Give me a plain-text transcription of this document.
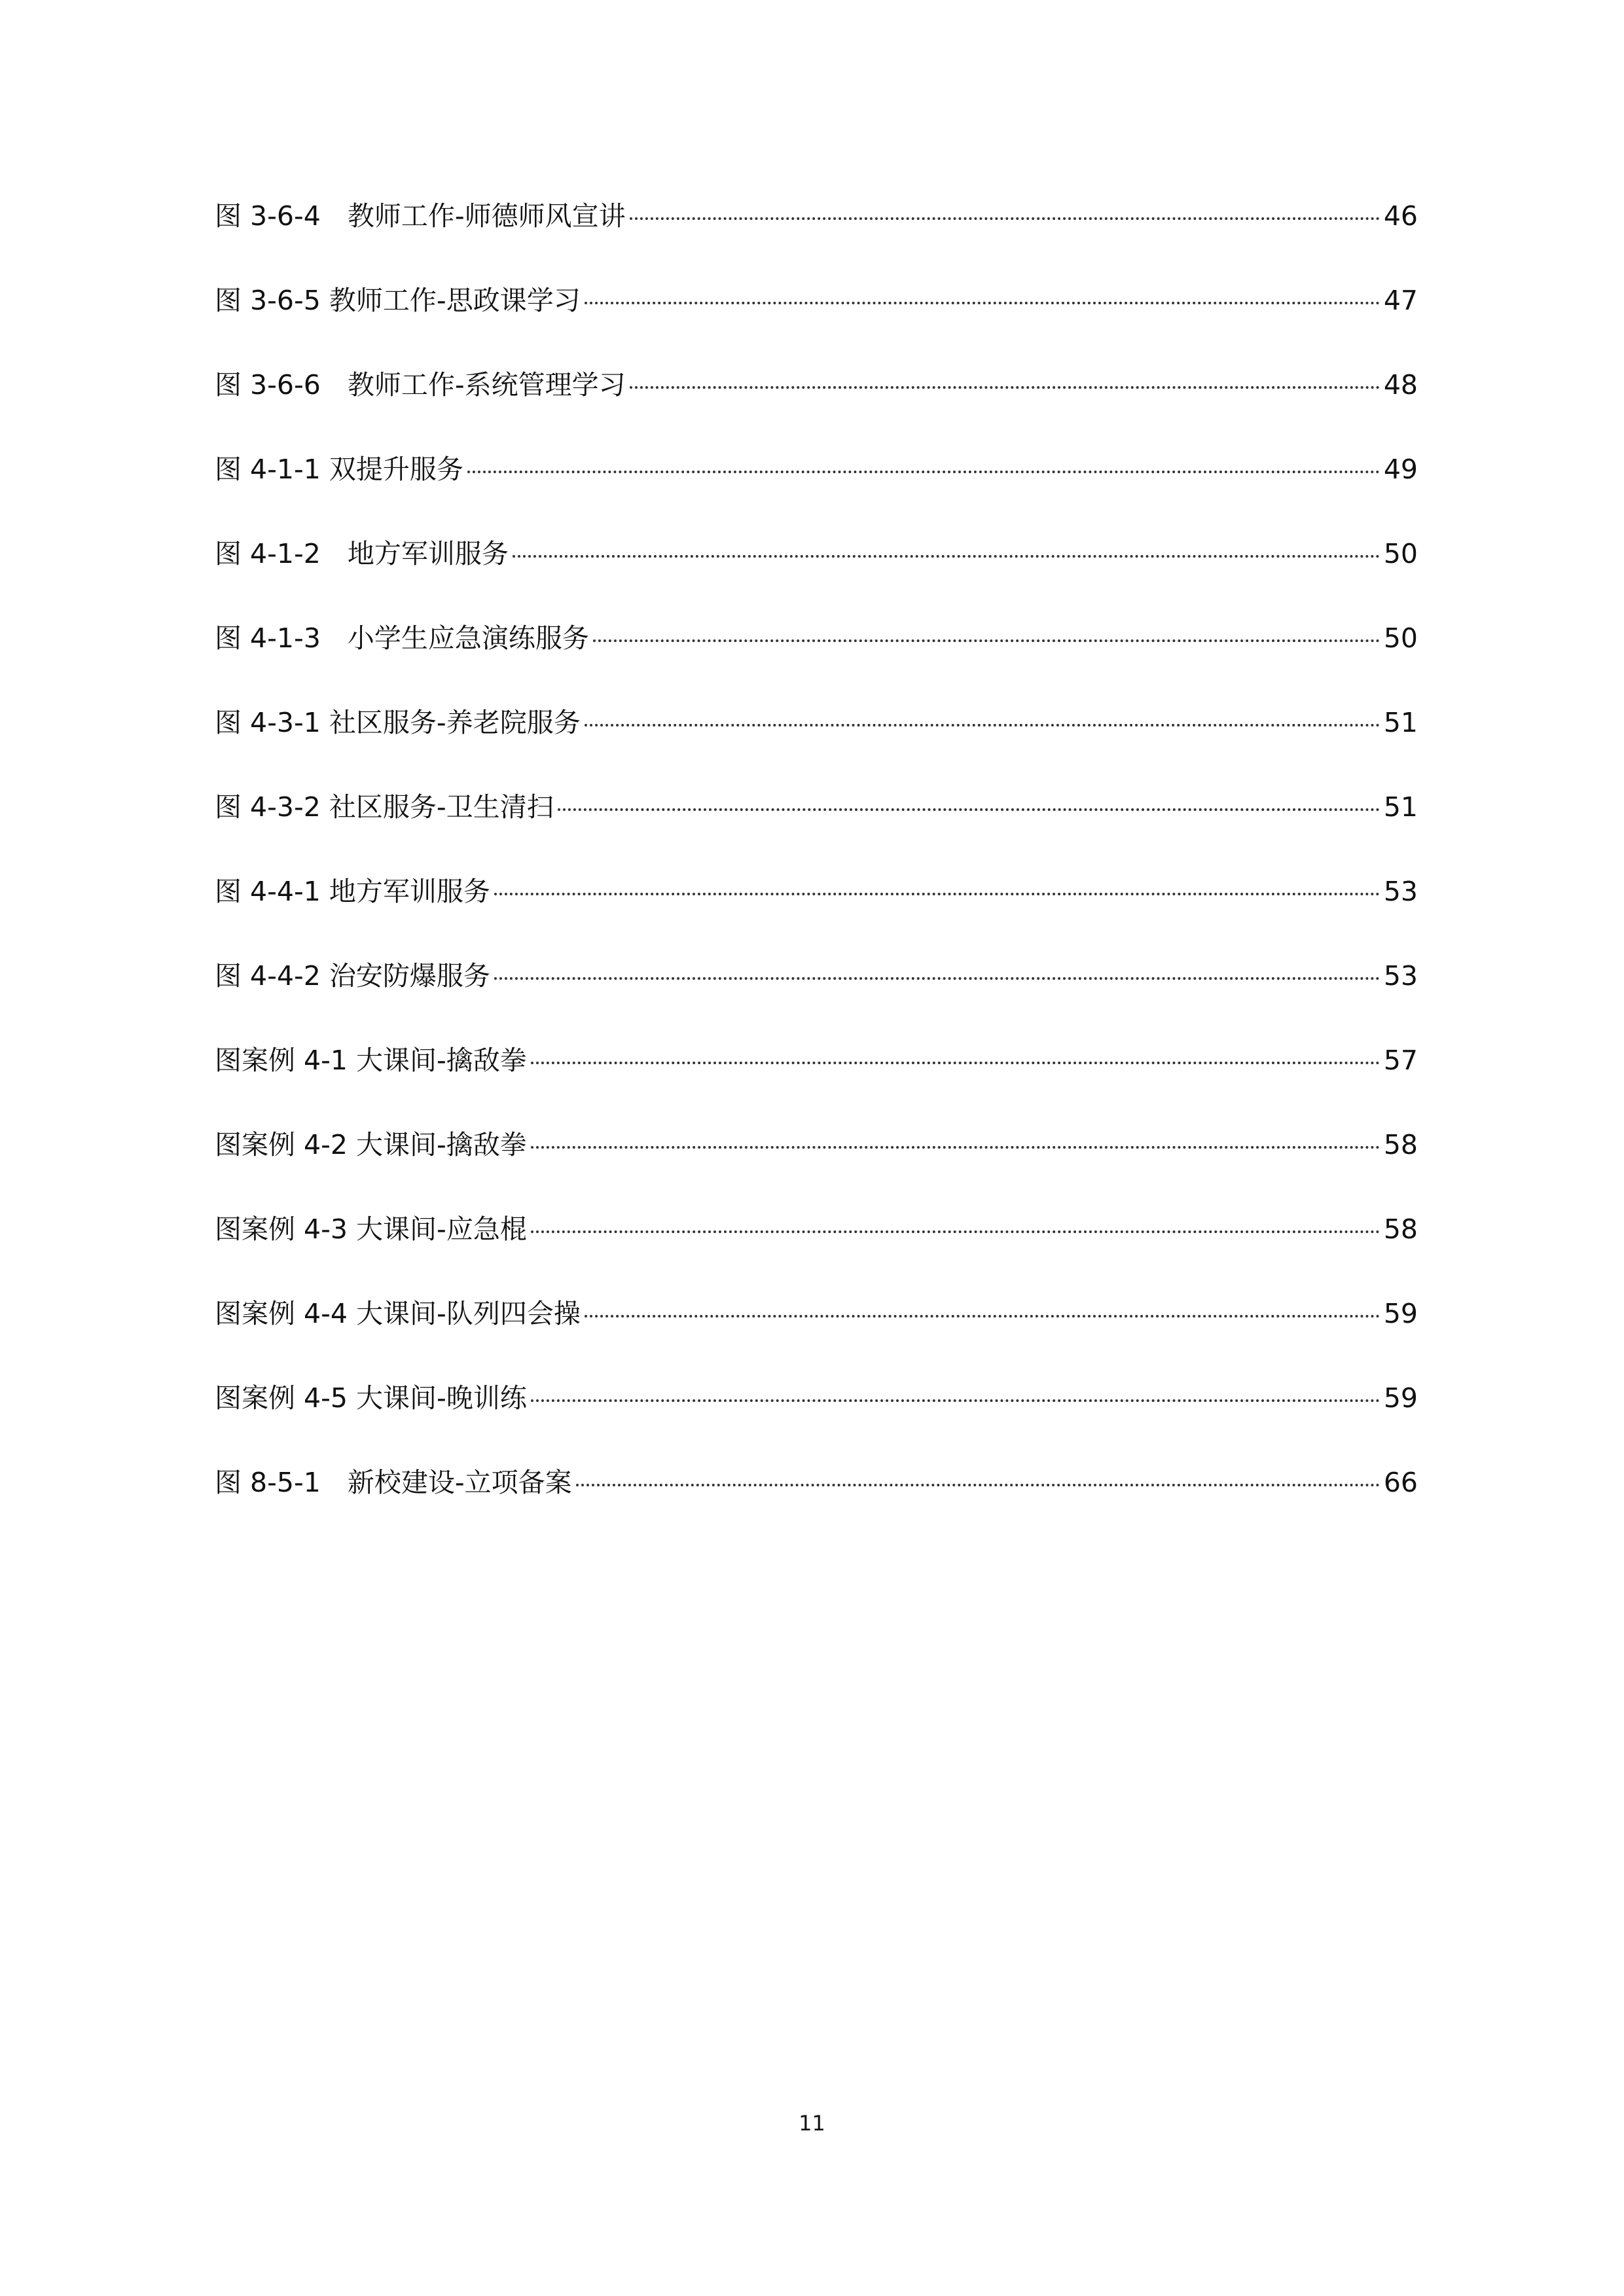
图 3-6-4　教师工作-师德师风宣讲	46
图 3-6-5 教师工作-思政课学习	47
图 3-6-6　教师工作-系统管理学习	48
图 4-1-1 双提升服务	49
图 4-1-2　地方军训服务	50
图 4-1-3　小学生应急演练服务	50
图 4-3-1 社区服务-养老院服务	51
图 4-3-2 社区服务-卫生清扫	51
图 4-4-1 地方军训服务	53
图 4-4-2 治安防爆服务	53
图案例 4-1 大课间-擒敌拳	57
图案例 4-2 大课间-擒敌拳	58
图案例 4-3 大课间-应急棍	58
图案例 4-4 大课间-队列四会操	59
图案例 4-5 大课间-晚训练	59
图 8-5-1　新校建设-立项备案	66
11
